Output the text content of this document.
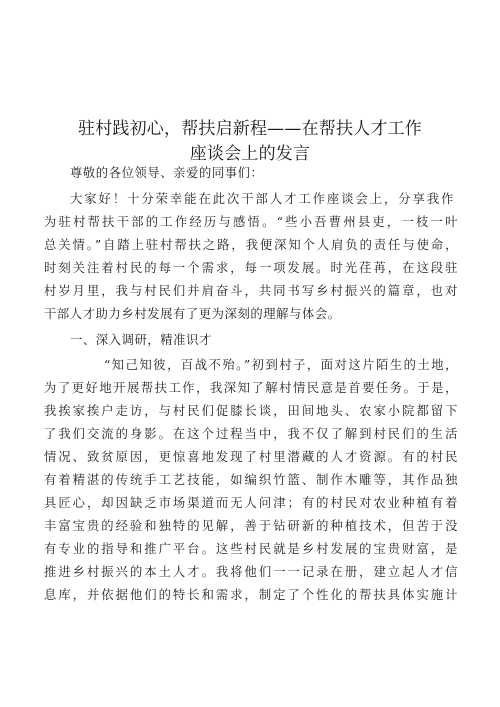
驻村践初心，帮扶启新程——在帮扶人才工作
座谈会上的发言
尊敬的各位领导、亲爱的同事们：
大家好！十分荣幸能在此次干部人才工作座谈会上，分享我作
为驻村帮扶干部的工作经历与感悟。“些小吾曹州县吏，一枝一叶
总关情。”自踏上驻村帮扶之路，我便深知个人肩负的责任与使命，
时刻关注着村民的每一个需求，每一项发展。时光荏苒，在这段驻
村岁月里，我与村民们并肩奋斗，共同书写乡村振兴的篇章，也对
干部人才助力乡村发展有了更为深刻的理解与体会。
一、深入调研，精准识才
“知己知彼，百战不殆。”初到村子，面对这片陌生的土地，
为了更好地开展帮扶工作，我深知了解村情民意是首要任务。于是，
我挨家挨户走访，与村民们促膝长谈，田间地头、农家小院都留下
了我们交流的身影。在这个过程当中，我不仅了解到村民们的生活
情况、致贫原因，更惊喜地发现了村里潜藏的人才资源。有的村民
有着精湛的传统手工艺技能，如编织竹篮、制作木雕等，其作品独
具匠心，却因缺乏市场渠道而无人问津；有的村民对农业种植有着
丰富宝贵的经验和独特的见解，善于钻研新的种植技术，但苦于没
有专业的指导和推广平台。这些村民就是乡村发展的宝贵财富，是
推进乡村振兴的本土人才。我将他们一一记录在册，建立起人才信
息库，并依据他们的特长和需求，制定了个性化的帮扶具体实施计
